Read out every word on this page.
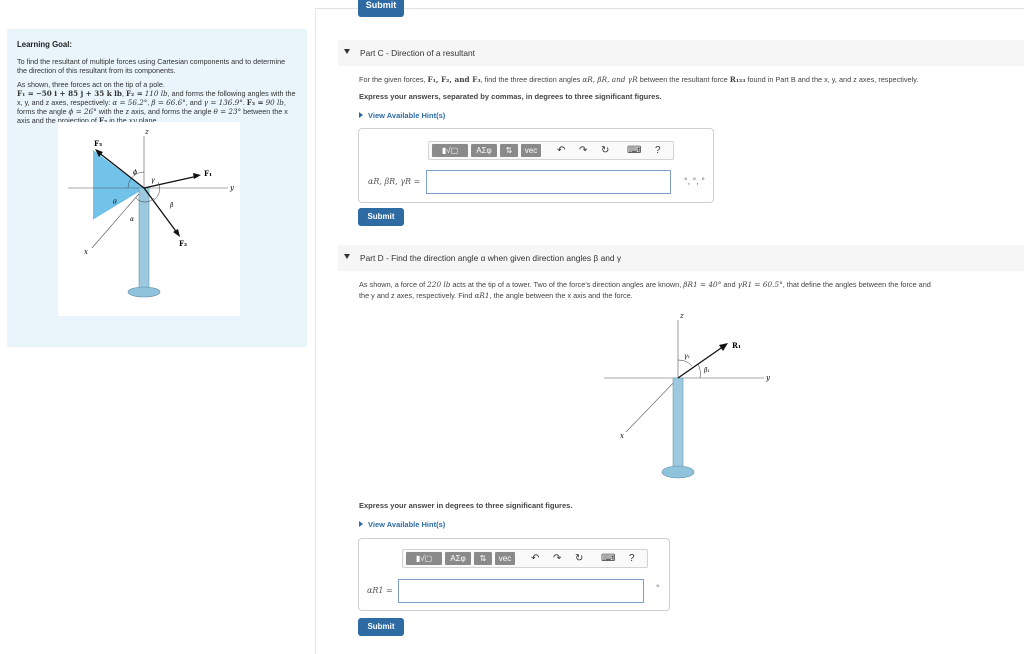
Submit
Learning Goal:

To find the resultant of multiple forces using Cartesian components and to determine the direction of this resultant from its components.

As shown, three forces act on the tip of a pole.
F₁ = −50 i + 85 j + 35 k lb, F₂ = 110 lb, and forms the following angles with the x, y, and z axes, respectively: α = 56.2°, β = 66.6°, and γ = 136.9°. F₃ = 90 lb, forms the angle ϕ = 26° with the z axis, and forms the angle θ = 23° between the x axis and the projection of F₃ in the xy plane.

F₃
z
F₁
y
F₂
x
ϕ
γ
θ	β
α
Part C - Direction of a resultant
For the given forces, F₁, F₂, and F₃, find the three direction angles αR, βR, and γR between the resultant force R₁₂₃ found in Part B and the x, y, and z axes, respectively.
Express your answers, separated by commas, in degrees to three significant figures.
View Available Hint(s)
▮√▢	ΑΣφ	⇅	vec	↶ ↷ ↻ ⌨ ?
αR, βR, γR =	°, °, °
Submit
Part D - Find the direction angle α when given direction angles β and γ
As shown, a force of 220 lb acts at the tip of a tower. Two of the force's direction angles are known, βR1 = 40° and γR1 = 60.5°, that define the angles between the force and
the y and z axes, respectively. Find αR1, the angle between the x axis and the force.
z
γ₁
R₁
β₁
y
x
Express your answer in degrees to three significant figures.
View Available Hint(s)
▮√▢	ΑΣφ	⇅	vec	↶ ↷ ↻ ⌨ ?
αR1 =	°
Submit
